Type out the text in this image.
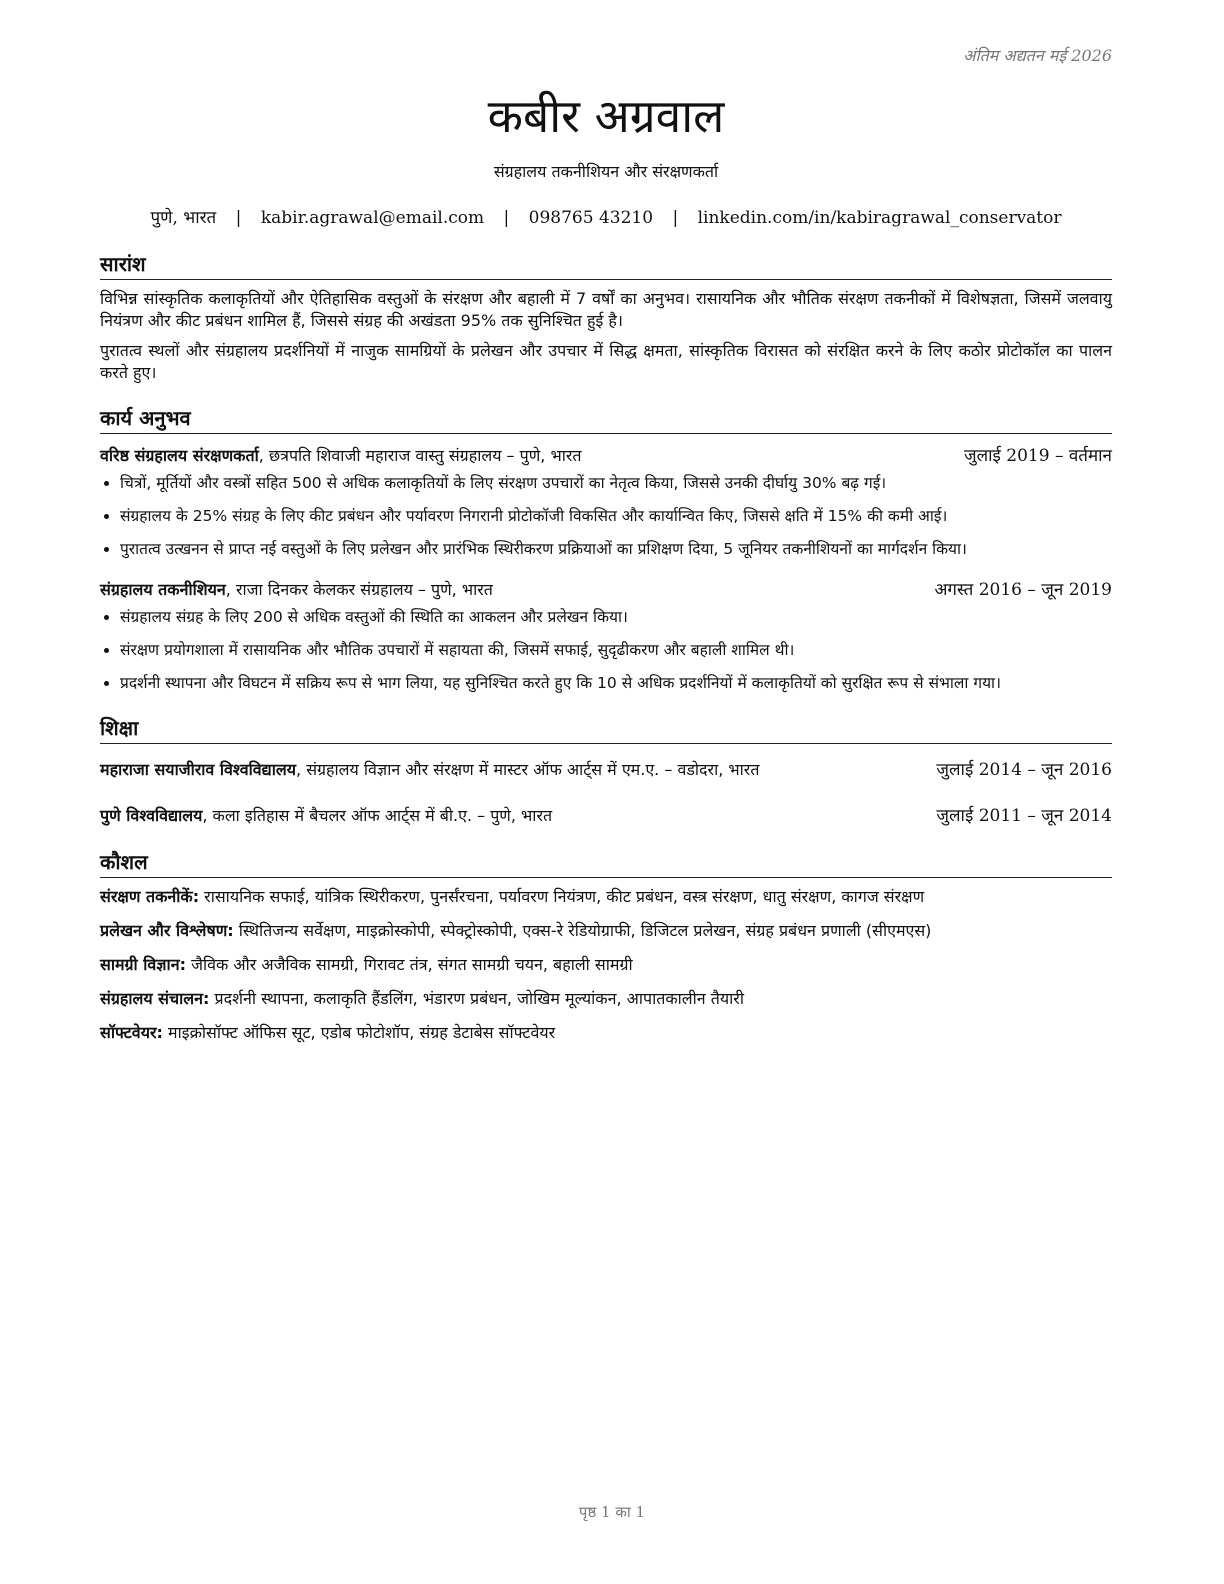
अंतिम अद्यतन मई 2026
कबीर अग्रवाल
संग्रहालय तकनीशियन और संरक्षणकर्ता
पुणे, भारत | kabir.agrawal@email.com | 098765 43210 | linkedin.com/in/kabiragrawal_conservator
सारांश

विभिन्न सांस्कृतिक कलाकृतियों और ऐतिहासिक वस्तुओं के संरक्षण और बहाली में 7 वर्षों का अनुभव। रासायनिक और भौतिक संरक्षण तकनीकों में विशेषज्ञता, जिसमें जलवायु नियंत्रण और कीट प्रबंधन शामिल हैं, जिससे संग्रह की अखंडता 95% तक सुनिश्चित हुई है।

पुरातत्व स्थलों और संग्रहालय प्रदर्शनियों में नाजुक सामग्रियों के प्रलेखन और उपचार में सिद्ध क्षमता, सांस्कृतिक विरासत को संरक्षित करने के लिए कठोर प्रोटोकॉल का पालन करते हुए।

कार्य अनुभव
वरिष्ठ संग्रहालय संरक्षणकर्ता, छत्रपति शिवाजी महाराज वास्तु संग्रहालय – पुणे, भारत	जुलाई 2019 – वर्तमान
• चित्रों, मूर्तियों और वस्त्रों सहित 500 से अधिक कलाकृतियों के लिए संरक्षण उपचारों का नेतृत्व किया, जिससे उनकी दीर्घायु 30% बढ़ गई।
• संग्रहालय के 25% संग्रह के लिए कीट प्रबंधन और पर्यावरण निगरानी प्रोटोकॉजी विकसित और कार्यान्वित किए, जिससे क्षति में 15% की कमी आई।
• पुरातत्व उत्खनन से प्राप्त नई वस्तुओं के लिए प्रलेखन और प्रारंभिक स्थिरीकरण प्रक्रियाओं का प्रशिक्षण दिया, 5 जूनियर तकनीशियनों का मार्गदर्शन किया।
संग्रहालय तकनीशियन, राजा दिनकर केलकर संग्रहालय – पुणे, भारत	अगस्त 2016 – जून 2019
• संग्रहालय संग्रह के लिए 200 से अधिक वस्तुओं की स्थिति का आकलन और प्रलेखन किया।
• संरक्षण प्रयोगशाला में रासायनिक और भौतिक उपचारों में सहायता की, जिसमें सफाई, सुदृढीकरण और बहाली शामिल थी।
• प्रदर्शनी स्थापना और विघटन में सक्रिय रूप से भाग लिया, यह सुनिश्चित करते हुए कि 10 से अधिक प्रदर्शनियों में कलाकृतियों को सुरक्षित रूप से संभाला गया।
शिक्षा
महाराजा सयाजीराव विश्वविद्यालय, संग्रहालय विज्ञान और संरक्षण में मास्टर ऑफ आर्ट्स में एम.ए. – वडोदरा, भारत	जुलाई 2014 – जून 2016
पुणे विश्वविद्यालय, कला इतिहास में बैचलर ऑफ आर्ट्स में बी.ए. – पुणे, भारत	जुलाई 2011 – जून 2014
कौशल
संरक्षण तकनीकें: रासायनिक सफाई, यांत्रिक स्थिरीकरण, पुनर्संरचना, पर्यावरण नियंत्रण, कीट प्रबंधन, वस्त्र संरक्षण, धातु संरक्षण, कागज संरक्षण
प्रलेखन और विश्लेषण: स्थितिजन्य सर्वेक्षण, माइक्रोस्कोपी, स्पेक्ट्रोस्कोपी, एक्स-रे रेडियोग्राफी, डिजिटल प्रलेखन, संग्रह प्रबंधन प्रणाली (सीएमएस)
सामग्री विज्ञान: जैविक और अजैविक सामग्री, गिरावट तंत्र, संगत सामग्री चयन, बहाली सामग्री
संग्रहालय संचालन: प्रदर्शनी स्थापना, कलाकृति हैंडलिंग, भंडारण प्रबंधन, जोखिम मूल्यांकन, आपातकालीन तैयारी
सॉफ्टवेयर: माइक्रोसॉफ्ट ऑफिस सूट, एडोब फोटोशॉप, संग्रह डेटाबेस सॉफ्टवेयर
पृष्ठ 1 का 1
